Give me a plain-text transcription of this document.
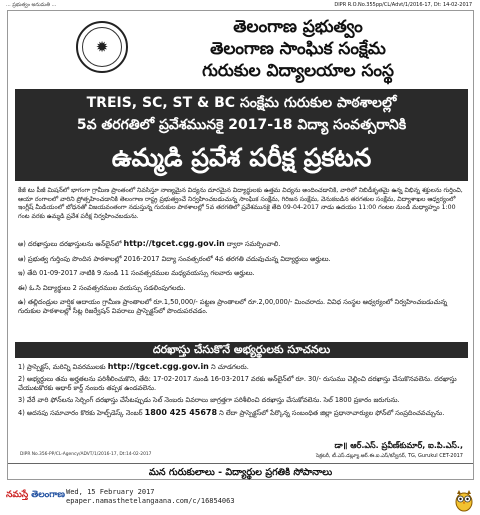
... ప్రభుత్వం అనుమతి ...	DIPR R.O.No.355pp/CL/Advt/1/2016-17, Dt: 14-02-2017
✹
తెలంగాణ ప్రభుత్వం
తెలంగాణ సాంఘిక సంక్షేమ
గురుకుల విద్యాలయాల సంస్థ
TREIS, SC, ST & BC సంక్షేమ గురుకుల పాఠశాలల్లో
5వ తరగతిలో ప్రవేశమునకై 2017-18 విద్యా సంవత్సరానికి
ఉమ్మడి ప్రవేశ పరీక్ష ప్రకటన
కేజీ టు పీజీ మిషన్‌లో భాగంగా గ్రామీణ ప్రాంతంలో నివసిస్తూ నాణ్యమైన విద్యను దూరమైన విద్యార్థులకు ఉత్తమ విద్యను అందించడానికి, వారిలో నిబిడీకృతమై ఉన్న విభిన్న శక్తులను గుర్తించి, ఆయా రంగాలలో వారిని ప్రోత్సహించడానికి తెలంగాణ రాష్ట్ర ప్రభుత్వంచే నిర్వహించబడుచున్న సాంఘిక సంక్షేమ, గిరిజన సంక్షేమ, వెనుకబడిన తరగతుల సంక్షేమ, విద్యాశాఖల ఆధ్వర్యంలో ఇంగ్లీష్ మీడియంలో బోధనతో విజయవంతంగా నడుస్తున్న గురుకుల పాఠశాలల్లో 5వ తరగతిలో ప్రవేశమునకై తేది 09-04-2017 నాడు ఉదయం 11:00 గంటల నుండి మధ్యాహ్నం 1:00 గంట వరకు ఉమ్మడి ప్రవేశ పరీక్ష నిర్వహించబడును.
అ) దరఖాస్తులు దరఖాస్తులను ఆన్‌లైన్‌లో http://tgcet.cgg.gov.in ద్వారా సమర్పించాలి.
ఆ) ప్రభుత్వ గుర్తింపు పొందిన పాఠశాలల్లో 2016-2017 విద్యా సంవత్సరంలో 4వ తరగతి చదువుచున్న విద్యార్థులు అర్హులు.
ఇ) తేది 01-09-2017 నాటికి 9 నుండి 11 సంవత్సరముల మధ్యవయస్సు గలవారు అర్హులు.
ఈ) ఓ.సి విద్యార్థులు 2 సంవత్సరముల వయస్సు సడలింపుగలదు.
ఉ) తల్లిదండ్రుల వార్షిక ఆదాయం గ్రామీణ ప్రాంతాలలో రూ.1,50,000/- పట్టణ ప్రాంతాలలో రూ.2,00,000/- మించరాదు. వివిధ సంస్థల ఆధ్వర్యంలో నిర్వహించబడుచున్న గురుకుల పాఠశాలల్లో సీట్ల రిజర్వేషన్ వివరాలు ప్రాస్పెక్టస్‌లో పొందుపరచడం.
దరఖాస్తు చేసుకొనే అభ్యర్థులకు సూచనలు
1) ప్రాస్పెక్టస్, మరిన్ని వివరములకు http://tgcet.cgg.gov.in ని చూడగలరు.
2) అభ్యర్థులు తమ అర్హతలను పరిశీలించుకొని, తేది: 17-02-2017 నుండి 16-03-2017 వరకు ఆన్‌లైన్‌లో రూ. 30/- రుసుము చెల్లించి దరఖాస్తు చేసుకొనవలెను. దరఖాస్తు చేయుటకొరకు ఆధార్ కార్డ్ నంబరు తప్పక ఉండవలెను.
3) వేరే వారి ఫోన్‌లను సెర్చింగ్ దరఖాస్తు చేసేటప్పుడు సెల్ నెంబరు వివరాలు జాగ్రత్తగా పరిశీలించి దరఖాస్తు చేసుకోవలెను. సెల్ 1800 ప్రకారం జరుగును.
4) అదనపు సమాచారం కొరకు హెల్ప్‌డెస్క్ నెంబర్ 1800 425 45678 ని లేదా ప్రాస్పెక్టస్‌లో పేర్కొన్న సంబంధిత జిల్లా ప్రధానాచార్యుల ఫోన్‌లో సంప్రదించవచ్చును.
డా॥ ఆర్.ఎస్. ప్రవీణ్‌కుమార్, ఐ.పి.ఎస్.,
DIPR No.356-PP/CL-Agency/ADVT/1/2016-17, Dt:14-02-2017	సెక్రటరీ, టీ.ఎస్.డబ్ల్యూ.ఆర్.ఈ.ఐ.ఎస్/కన్వీనర్, TG, Gurukul CET-2017
మన గురుకులాలు - విద్యార్థుల ప్రగతికి సోపానాలు
నమస్తే తెలంగాణ Wed, 15 February 2017
epaper.namasthetelangaana.com/c/16854063
